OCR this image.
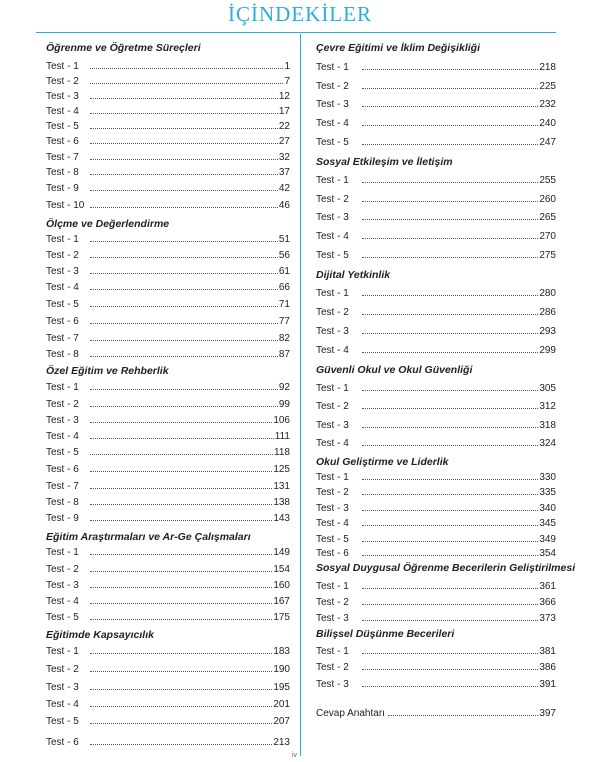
İÇİNDEKİLER
Öğrenme ve Öğretme Süreçleri
Test - 1	1
Test - 2	7
Test - 3	12
Test - 4	17
Test - 5	22
Test - 6	27
Test - 7	32
Test - 8	37
Test - 9	42
Test - 10	46
Ölçme ve Değerlendirme
Test - 1	51
Test - 2	56
Test - 3	61
Test - 4	66
Test - 5	71
Test - 6	77
Test - 7	82
Test - 8	87
Özel Eğitim ve Rehberlik
Test - 1	92
Test - 2	99
Test - 3	106
Test - 4	111
Test - 5	118
Test - 6	125
Test - 7	131
Test - 8	138
Test - 9	143
Eğitim Araştırmaları ve Ar-Ge Çalışmaları
Test - 1	149
Test - 2	154
Test - 3	160
Test - 4	167
Test - 5	175
Eğitimde Kapsayıcılık
Test - 1	183
Test - 2	190
Test - 3	195
Test - 4	201
Test - 5	207
Test - 6	213
Çevre Eğitimi ve İklim Değişikliği
Test - 1	218
Test - 2	225
Test - 3	232
Test - 4	240
Test - 5	247
Sosyal Etkileşim ve İletişim
Test - 1	255
Test - 2	260
Test - 3	265
Test - 4	270
Test - 5	275
Dijital Yetkinlik
Test - 1	280
Test - 2	286
Test - 3	293
Test - 4	299
Güvenli Okul ve Okul Güvenliği
Test - 1	305
Test - 2	312
Test - 3	318
Test - 4	324
Okul Geliştirme ve Liderlik
Test - 1	330
Test - 2	335
Test - 3	340
Test - 4	345
Test - 5	349
Test - 6	354
Sosyal Duygusal Öğrenme Becerilerin Geliştirilmesi
Test - 1	361
Test - 2	366
Test - 3	373
Bilişsel Düşünme Becerileri
Test - 1	381
Test - 2	386
Test - 3	391
Cevap Anahtarı	397
iv
